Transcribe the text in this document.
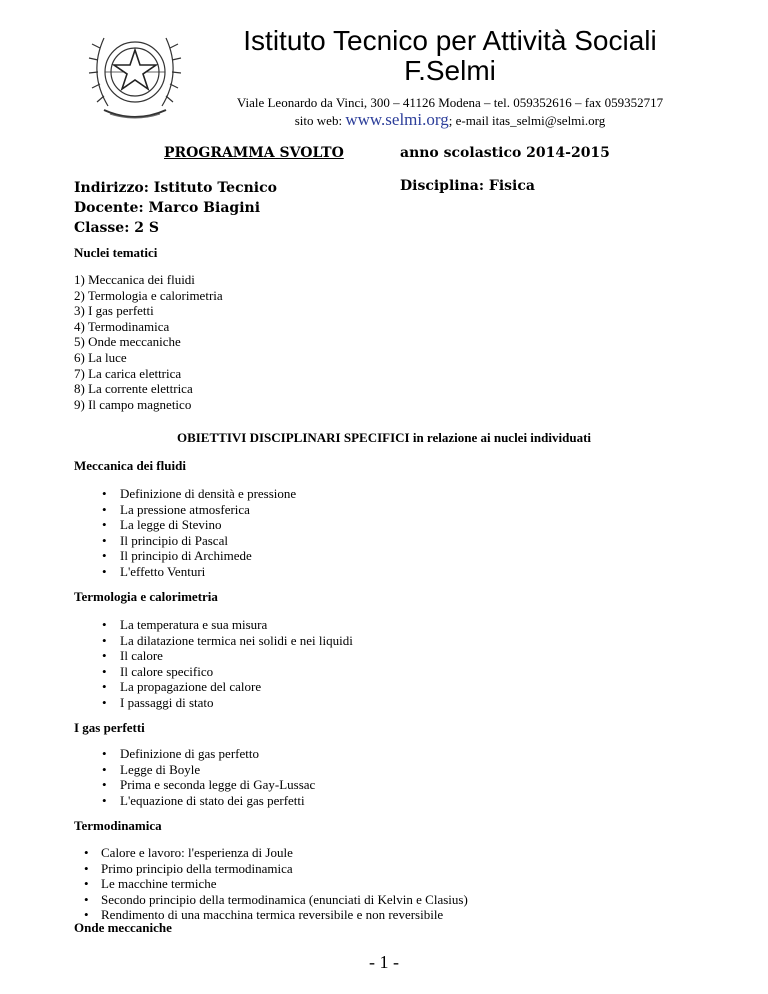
Istituto Tecnico per Attività Sociali
F.Selmi
Viale Leonardo da Vinci, 300 – 41126 Modena – tel. 059352616 – fax 059352717
sito web: www.selmi.org; e-mail itas_selmi@selmi.org
PROGRAMMA SVOLTO	anno scolastico 2014-2015
Indirizzo: Istituto Tecnico
Docente: Marco Biagini
Classe: 2 S
Disciplina: Fisica
Nuclei tematici
1) Meccanica dei fluidi
2) Termologia e calorimetria
3) I gas perfetti
4) Termodinamica
5) Onde meccaniche
6) La luce
7) La carica elettrica
8) La corrente elettrica
9) Il campo magnetico
OBIETTIVI DISCIPLINARI SPECIFICI in relazione ai nuclei individuati
Meccanica dei fluidi
• Definizione di densità e pressione
• La pressione atmosferica
• La legge di Stevino
• Il principio di Pascal
• Il principio di Archimede
• L'effetto Venturi
Termologia e calorimetria
• La temperatura e sua misura
• La dilatazione termica nei solidi e nei liquidi
• Il calore
• Il calore specifico
• La propagazione del calore
• I passaggi di stato
I gas perfetti
• Definizione di gas perfetto
• Legge di Boyle
• Prima e seconda legge di Gay-Lussac
• L'equazione di stato dei gas perfetti
Termodinamica
• Calore e lavoro: l'esperienza di Joule
• Primo principio della termodinamica
• Le macchine termiche
• Secondo principio della termodinamica (enunciati di Kelvin e Clasius)
• Rendimento di una macchina termica reversibile e non reversibile
Onde meccaniche
- 1 -
